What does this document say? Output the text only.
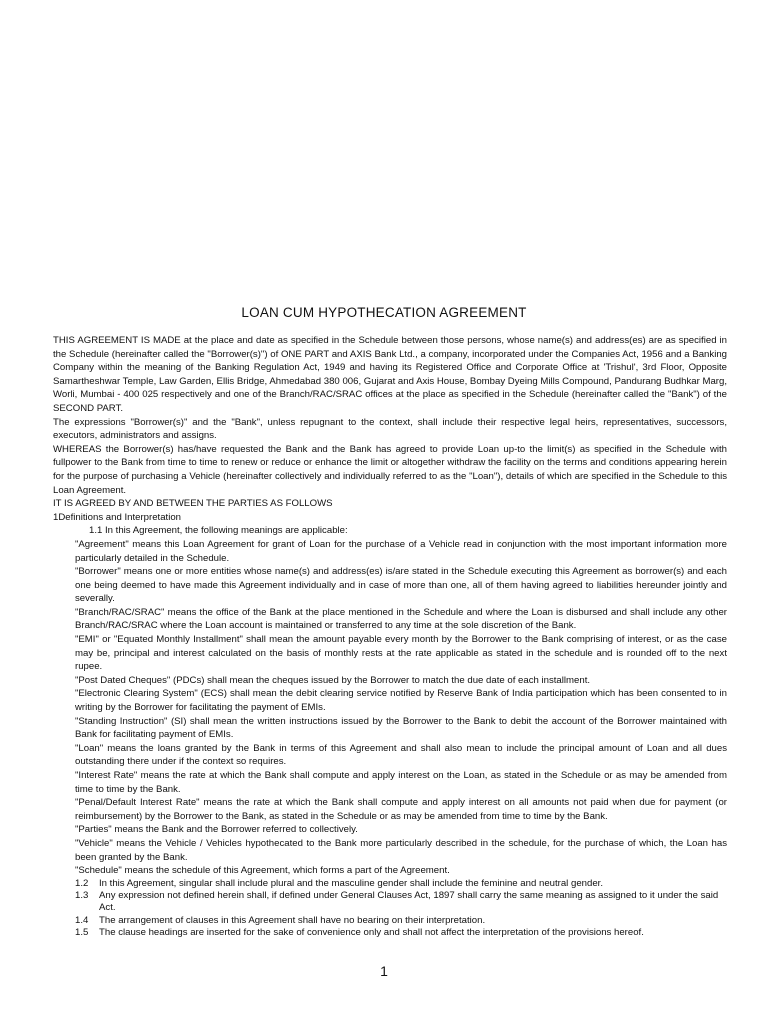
LOAN CUM HYPOTHECATION AGREEMENT

THIS AGREEMENT IS MADE at the place and date as specified in the Schedule between those persons, whose name(s) and address(es) are as specified in the Schedule (hereinafter called the "Borrower(s)") of ONE PART and AXIS Bank Ltd., a company, incorporated under the Companies Act, 1956 and a Banking Company within the meaning of the Banking Regulation Act, 1949 and having its Registered Office and Corporate Office at 'Trishul', 3rd Floor, Opposite Samartheshwar Temple, Law Garden, Ellis Bridge, Ahmedabad 380 006, Gujarat and Axis House, Bombay Dyeing Mills Compound, Pandurang Budhkar Marg, Worli, Mumbai - 400 025 respectively and one of the Branch/RAC/SRAC offices at the place as specified in the Schedule (hereinafter called the "Bank") of the SECOND PART.

The expressions "Borrower(s)" and the "Bank", unless repugnant to the context, shall include their respective legal heirs, representatives, successors, executors, administrators and assigns.

WHEREAS the Borrower(s) has/have requested the Bank and the Bank has agreed to provide Loan up-to the limit(s) as specified in the Schedule with fullpower to the Bank from time to time to renew or reduce or enhance the limit or altogether withdraw the facility on the terms and conditions appearing herein for the purpose of purchasing a Vehicle (hereinafter collectively and individually referred to as the "Loan"), details of which are specified in the Schedule to this Loan Agreement.

IT IS AGREED BY AND BETWEEN THE PARTIES AS FOLLOWS

1Definitions and Interpretation

1.1 In this Agreement, the following meanings are applicable:

"Agreement" means this Loan Agreement for grant of Loan for the purchase of a Vehicle read in conjunction with the most important information more particularly detailed in the Schedule.

"Borrower" means one or more entities whose name(s) and address(es) is/are stated in the Schedule executing this Agreement as borrower(s) and each one being deemed to have made this Agreement individually and in case of more than one, all of them having agreed to liabilities hereunder jointly and severally.

"Branch/RAC/SRAC" means the office of the Bank at the place mentioned in the Schedule and where the Loan is disbursed and shall include any other Branch/RAC/SRAC where the Loan account is maintained or transferred to any time at the sole discretion of the Bank.

"EMI" or "Equated Monthly Installment" shall mean the amount payable every month by the Borrower to the Bank comprising of interest, or as the case may be, principal and interest calculated on the basis of monthly rests at the rate applicable as stated in the schedule and is rounded off to the next rupee.

"Post Dated Cheques" (PDCs) shall mean the cheques issued by the Borrower to match the due date of each installment.

"Electronic Clearing System" (ECS) shall mean the debit clearing service notified by Reserve Bank of India participation which has been consented to in writing by the Borrower for facilitating the payment of EMIs.

"Standing Instruction" (SI) shall mean the written instructions issued by the Borrower to the Bank to debit the account of the Borrower maintained with Bank for facilitating payment of EMIs.

"Loan" means the loans granted by the Bank in terms of this Agreement and shall also mean to include the principal amount of Loan and all dues outstanding there under if the context so requires.

"Interest Rate" means the rate at which the Bank shall compute and apply interest on the Loan, as stated in the Schedule or as may be amended from time to time by the Bank.

"Penal/Default Interest Rate" means the rate at which the Bank shall compute and apply interest on all amounts not paid when due for payment (or reimbursement) by the Borrower to the Bank, as stated in the Schedule or as may be amended from time to time by the Bank.

"Parties" means the Bank and the Borrower referred to collectively.

"Vehicle" means the Vehicle / Vehicles hypothecated to the Bank more particularly described in the schedule, for the purchase of which, the Loan has been granted by the Bank.

"Schedule" means the schedule of this Agreement, which forms a part of the Agreement.

1.2	In this Agreement, singular shall include plural and the masculine gender shall include the feminine and neutral gender.
1.3	Any expression not defined herein shall, if defined under General Clauses Act, 1897 shall carry the same meaning as assigned to it under the said Act.
1.4	The arrangement of clauses in this Agreement shall have no bearing on their interpretation.
1.5	The clause headings are inserted for the sake of convenience only and shall not affect the interpretation of the provisions hereof.
1
